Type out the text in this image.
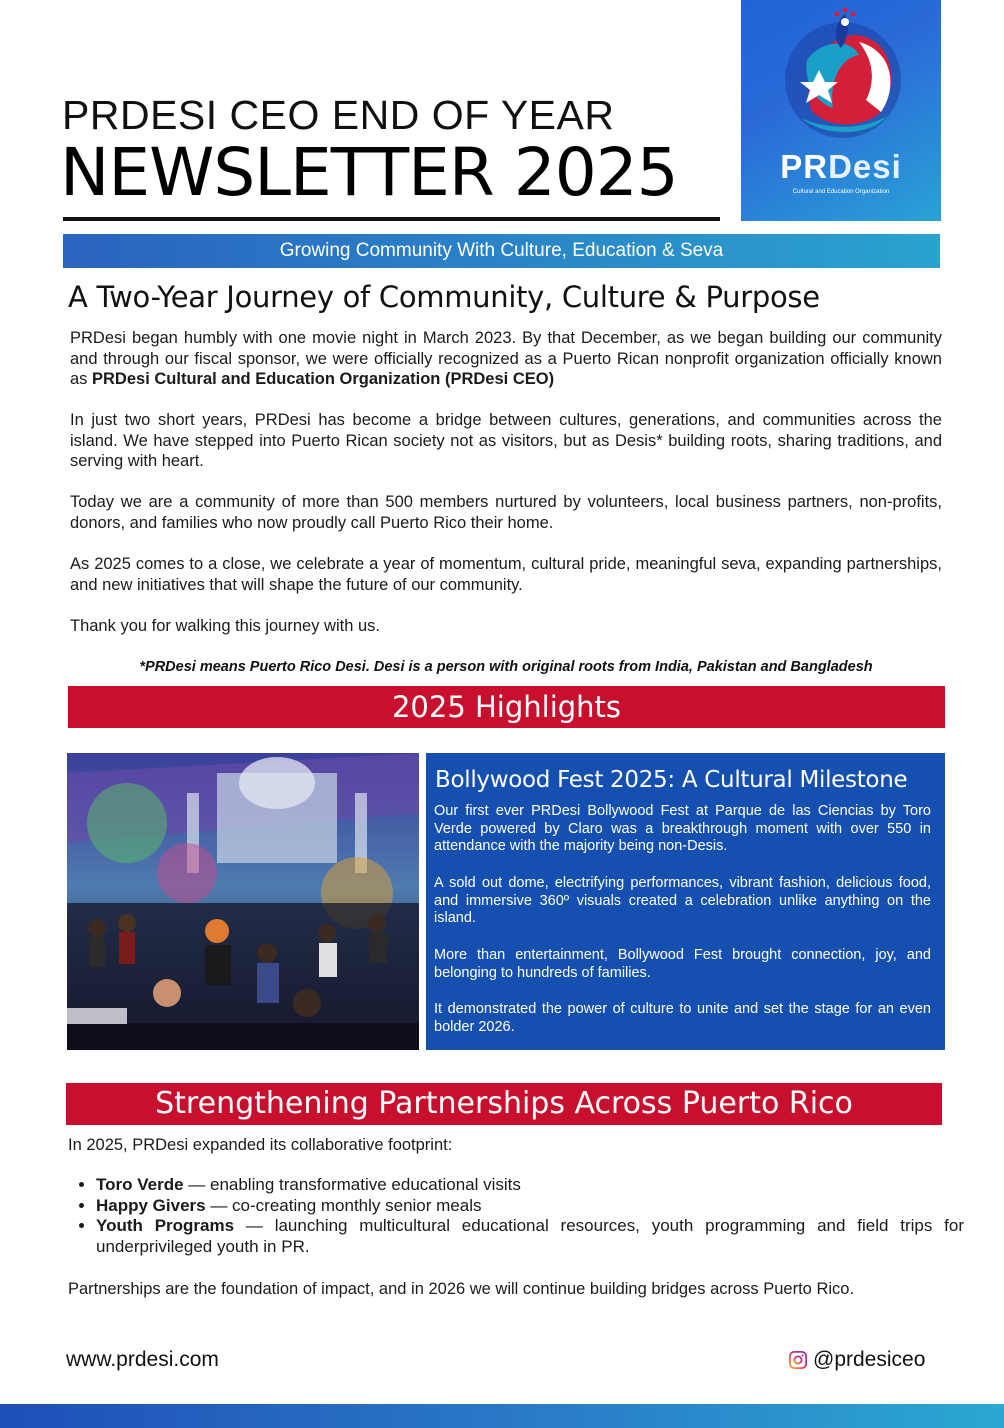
PRDESI CEO END OF YEAR
NEWSLETTER 2025	PRDesi
Cultural and Education Organization
Growing Community With Culture, Education & Seva
A Two-Year Journey of Community, Culture & Purpose
PRDesi began humbly with one movie night in March 2023. By that December, as we began building our community and through our fiscal sponsor, we were officially recognized as a Puerto Rican nonprofit organization officially known as PRDesi Cultural and Education Organization (PRDesi CEO)
In just two short years, PRDesi has become a bridge between cultures, generations, and communities across the island. We have stepped into Puerto Rican society not as visitors, but as Desis* building roots, sharing traditions, and serving with heart.
Today we are a community of more than 500 members nurtured by volunteers, local business partners, non-profits, donors, and families who now proudly call Puerto Rico their home.
As 2025 comes to a close, we celebrate a year of momentum, cultural pride, meaningful seva, expanding partnerships, and new initiatives that will shape the future of our community.
Thank you for walking this journey with us.
*PRDesi means Puerto Rico Desi. Desi is a person with original roots from India, Pakistan and Bangladesh
2025 Highlights
Bollywood Fest 2025: A Cultural Milestone
Our first ever PRDesi Bollywood Fest at Parque de las Ciencias by Toro Verde powered by Claro was a breakthrough moment with over 550 in attendance with the majority being non-Desis.
A sold out dome, electrifying performances, vibrant fashion, delicious food, and immersive 360º visuals created a celebration unlike anything on the island.
More than entertainment, Bollywood Fest brought connection, joy, and belonging to hundreds of families.
It demonstrated the power of culture to unite and set the stage for an even bolder 2026.
Strengthening Partnerships Across Puerto Rico
In 2025, PRDesi expanded its collaborative footprint:
• Toro Verde — enabling transformative educational visits
• Happy Givers — co-creating monthly senior meals
• Youth Programs — launching multicultural educational resources, youth programming and field trips for underprivileged youth in PR.
Partnerships are the foundation of impact, and in 2026 we will continue building bridges across Puerto Rico.
www.prdesi.com	@prdesiceo
